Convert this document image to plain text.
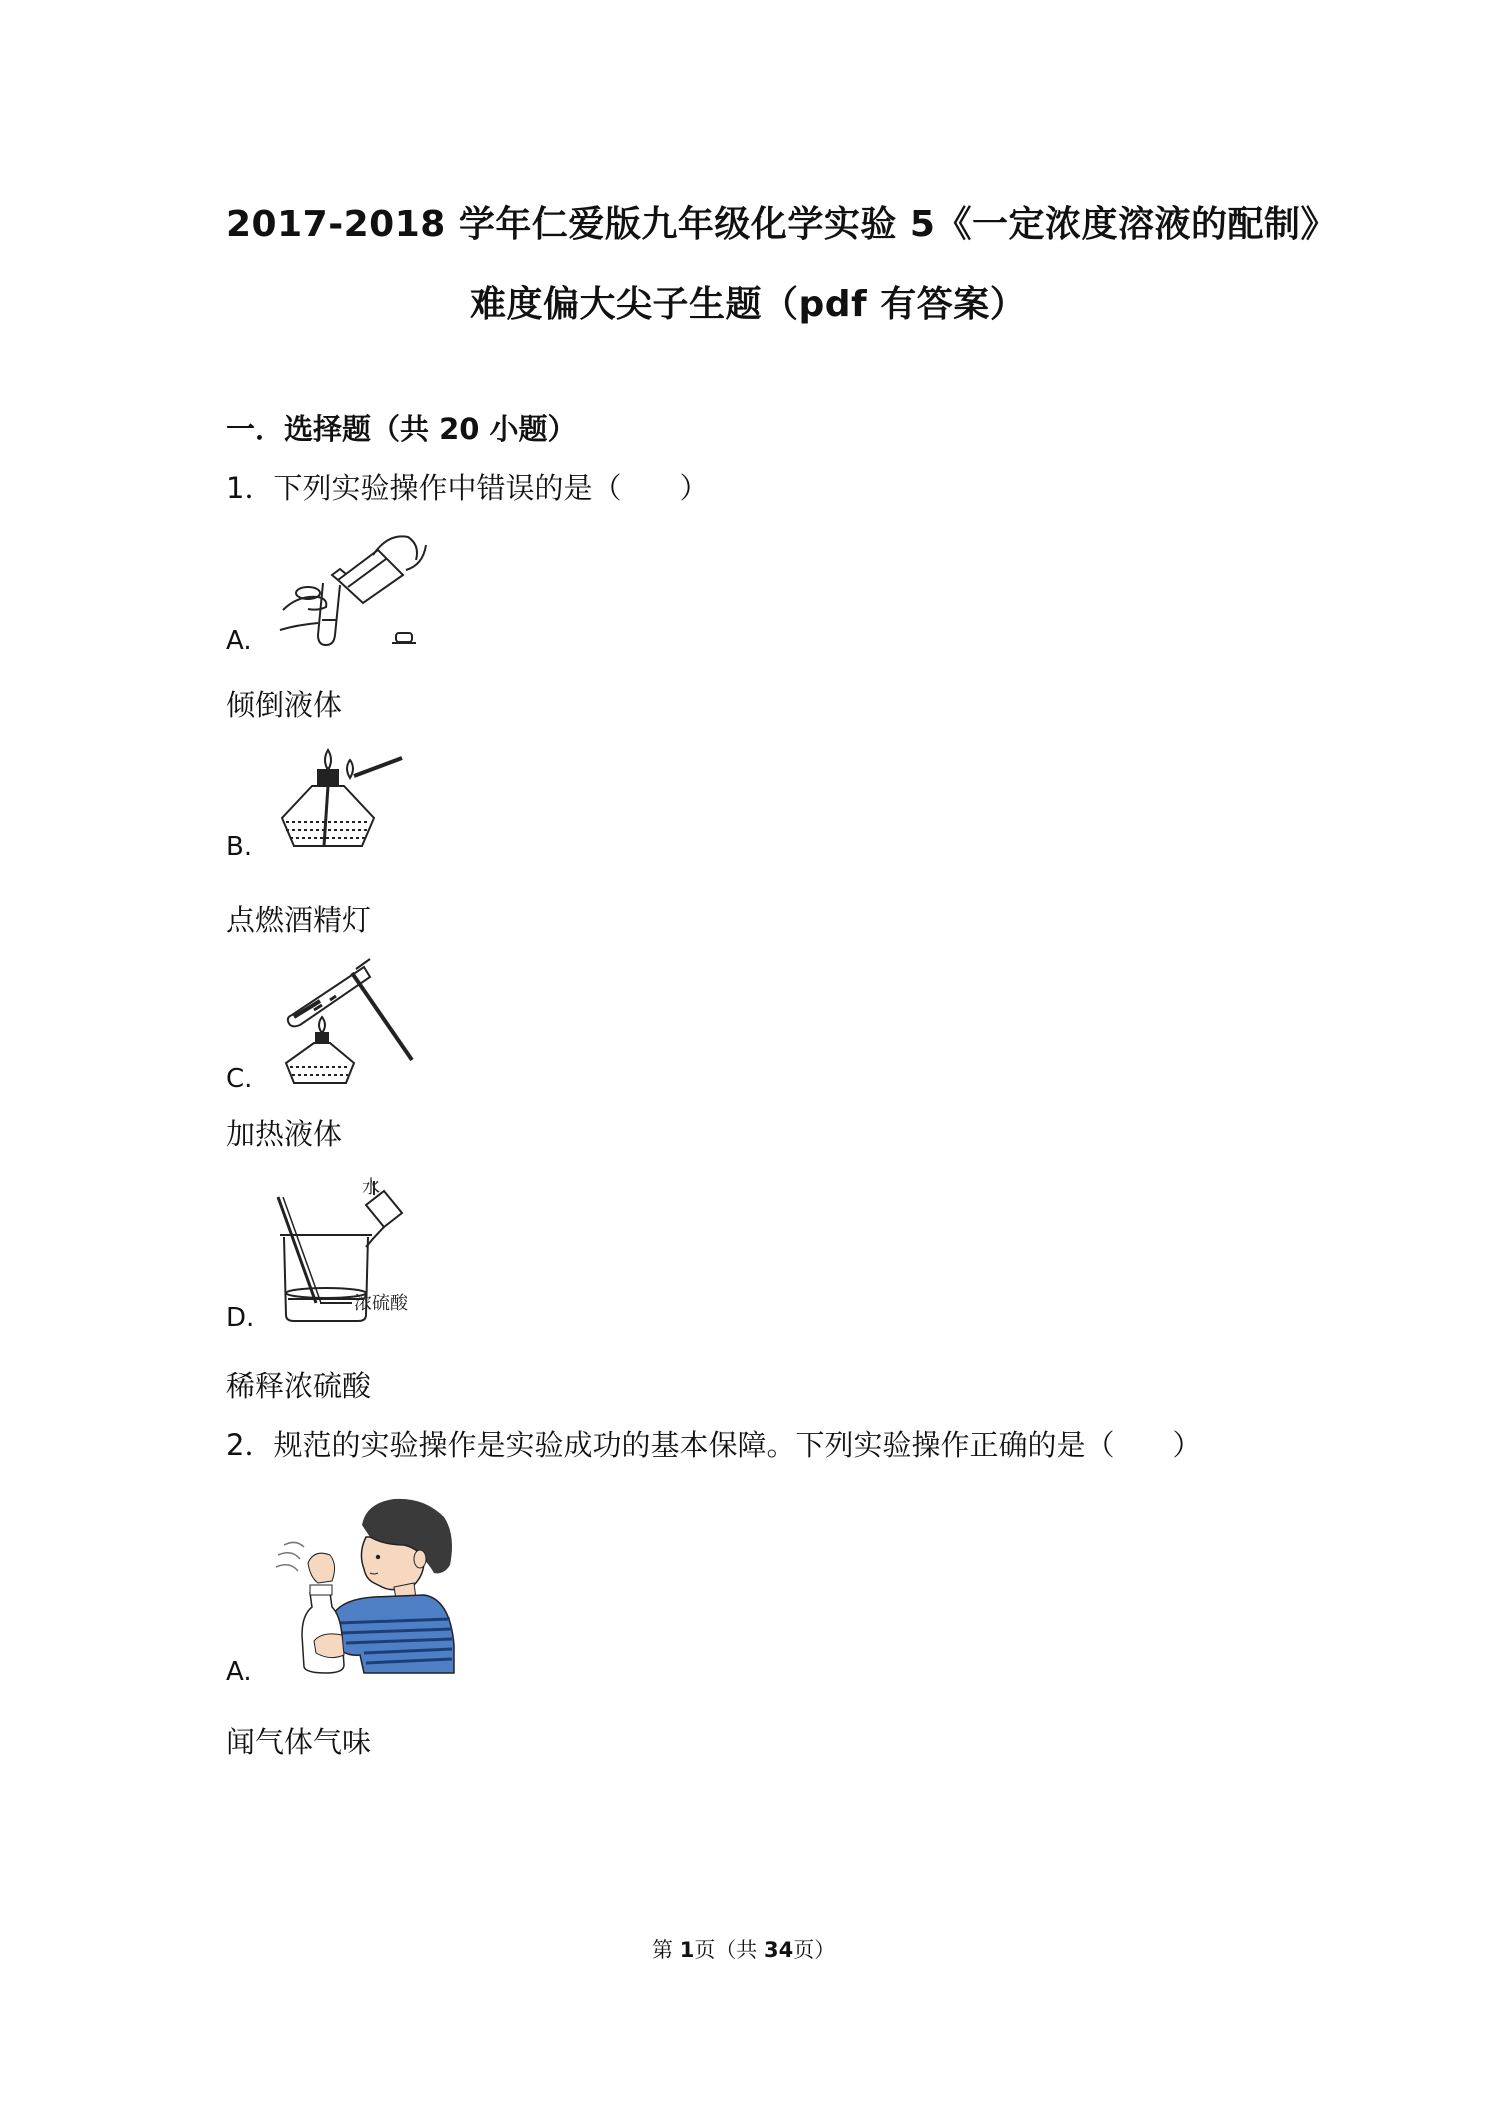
2017-2018 学年仁爱版九年级化学实验 5《一定浓度溶液的配制》
难度偏大尖子生题（pdf 有答案）
一．选择题（共 20 小题）
1．下列实验操作中错误的是（　　）
A.
倾倒液体
B.
点燃酒精灯
C.
加热液体
水
浓硫酸
D.
稀释浓硫酸
2．规范的实验操作是实验成功的基本保障。下列实验操作正确的是（　　）
A.
闻气体气味
第 1页（共 34页）
